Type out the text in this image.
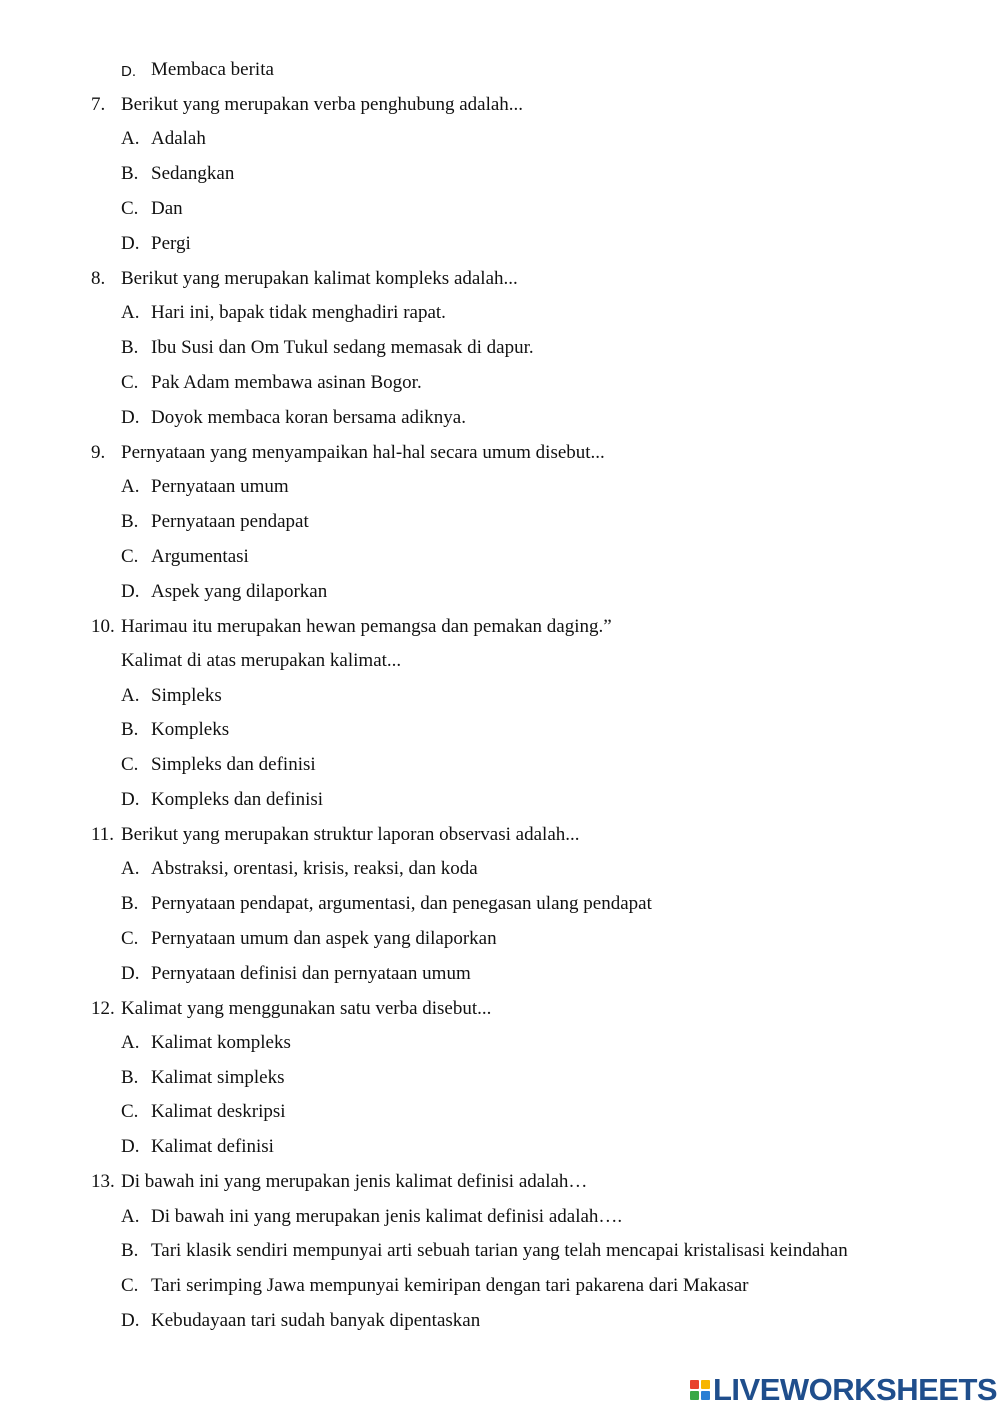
D. Membaca berita
7. Berikut yang merupakan verba penghubung adalah...
A. Adalah
B. Sedangkan
C. Dan
D. Pergi
8. Berikut yang merupakan kalimat kompleks adalah...
A. Hari ini, bapak tidak menghadiri rapat.
B. Ibu Susi dan Om Tukul sedang memasak di dapur.
C. Pak Adam membawa asinan Bogor.
D. Doyok membaca koran bersama adiknya.
9. Pernyataan yang menyampaikan hal-hal secara umum disebut...
A. Pernyataan umum
B. Pernyataan pendapat
C. Argumentasi
D. Aspek yang dilaporkan
10. Harimau itu merupakan hewan pemangsa dan pemakan daging.”
Kalimat di atas merupakan kalimat...
A. Simpleks
B. Kompleks
C. Simpleks dan definisi
D. Kompleks dan definisi
11. Berikut yang merupakan struktur laporan observasi adalah...
A. Abstraksi, orentasi, krisis, reaksi, dan koda
B. Pernyataan pendapat, argumentasi, dan penegasan ulang pendapat
C. Pernyataan umum dan aspek yang dilaporkan
D. Pernyataan definisi dan pernyataan umum
12. Kalimat yang menggunakan satu verba disebut...
A. Kalimat kompleks
B. Kalimat simpleks
C. Kalimat deskripsi
D. Kalimat definisi
13. Di bawah ini yang merupakan jenis kalimat definisi adalah…
A. Di bawah ini yang merupakan jenis kalimat definisi adalah….
B. Tari klasik sendiri mempunyai arti sebuah tarian yang telah mencapai kristalisasi keindahan
C. Tari serimping Jawa mempunyai kemiripan dengan tari pakarena dari Makasar
D. Kebudayaan tari sudah banyak dipentaskan
LIVEWORKSHEETS
